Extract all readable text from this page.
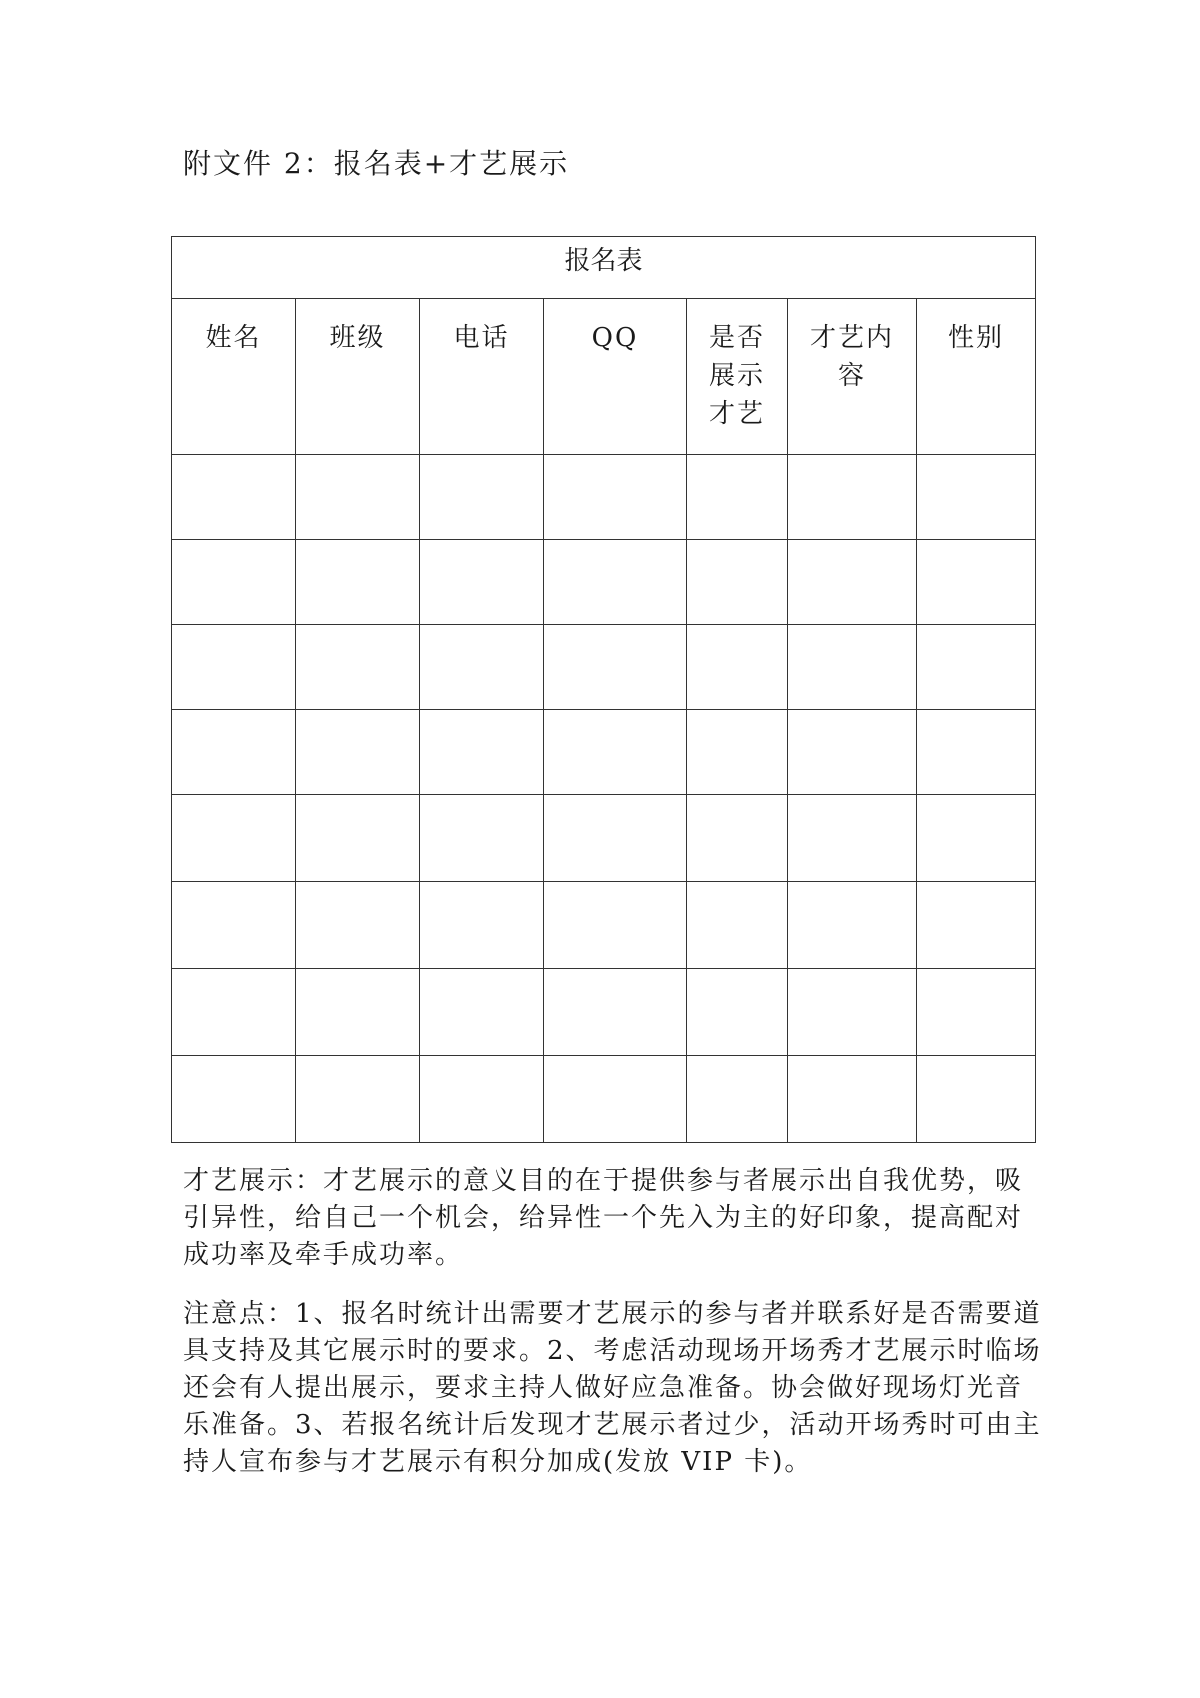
附文件 2：报名表+才艺展示
报名表						
姓名	班级	电话	QQ	是否展示才艺	才艺内容	性别

才艺展示：才艺展示的意义目的在于提供参与者展示出自我优势，吸引异性，给自己一个机会，给异性一个先入为主的好印象，提高配对成功率及牵手成功率。

注意点：1、报名时统计出需要才艺展示的参与者并联系好是否需要道具支持及其它展示时的要求。2、考虑活动现场开场秀才艺展示时临场还会有人提出展示，要求主持人做好应急准备。协会做好现场灯光音乐准备。3、若报名统计后发现才艺展示者过少，活动开场秀时可由主持人宣布参与才艺展示有积分加成(发放 VIP 卡)。
